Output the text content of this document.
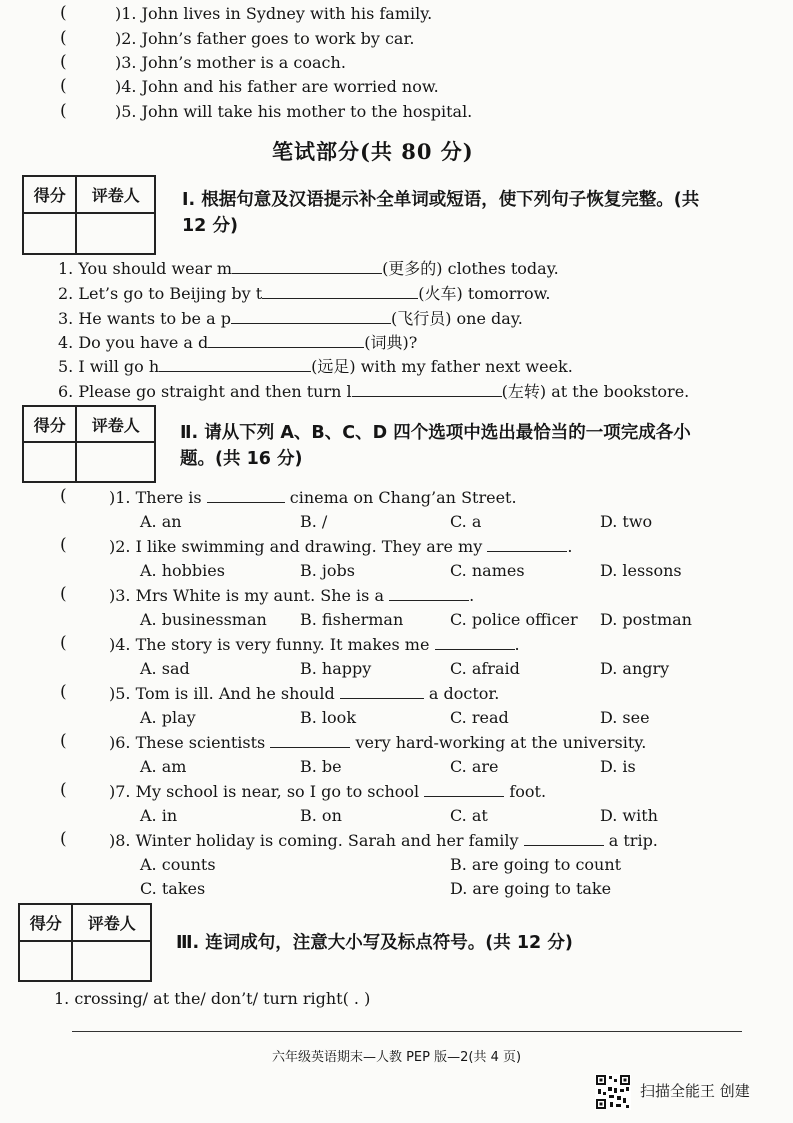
(	)1. John lives in Sydney with his family.
(	)2. John’s father goes to work by car.
(	)3. John’s mother is a coach.
(	)4. John and his father are worried now.
(	)5. John will take his mother to the hospital.
笔试部分(共 80 分)
得分	评卷人
	Ⅰ. 根据句意及汉语提示补全单词或短语，使下列句子恢复完整。(共
12 分)
1. You should wear m	(更多的) clothes today.
2. Let’s go to Beijing by t	(火车) tomorrow.
3. He wants to be a p	(飞行员) one day.
4. Do you have a d	(词典)?
5. I will go h	(远足) with my father next week.
6. Please go straight and then turn l	(左转) at the bookstore.
得分	评卷人
	Ⅱ. 请从下列 A、B、C、D 四个选项中选出最恰当的一项完成各小
题。(共 16 分)
(	)1. There is	cinema on Chang’an Street.
A. an	B. /	C. a	D. two
(	)2. I like swimming and drawing. They are my	.
A. hobbies	B. jobs	C. names	D. lessons
(	)3. Mrs White is my aunt. She is a	.
A. businessman B. fisherman	C. police officer D. postman
(	)4. The story is very funny. It makes me	.
A. sad	B. happy	C. afraid	D. angry
(	)5. Tom is ill. And he should	a doctor.
A. play	B. look	C. read	D. see
(	)6. These scientists	very hard-working at the university.
A. am	B. be	C. are	D. is
(	)7. My school is near, so I go to school	foot.
A. in	B. on	C. at	D. with
(	)8. Winter holiday is coming. Sarah and her family	a trip.
A. counts	B. are going to count
C. takes	D. are going to take
得分	评卷人

Ⅲ. 连词成句，注意大小写及标点符号。(共 12 分)
1. crossing/ at the/ don’t/ turn right( . )
六年级英语期末—人教 PEP 版—2(共 4 页)
扫描全能王 创建
